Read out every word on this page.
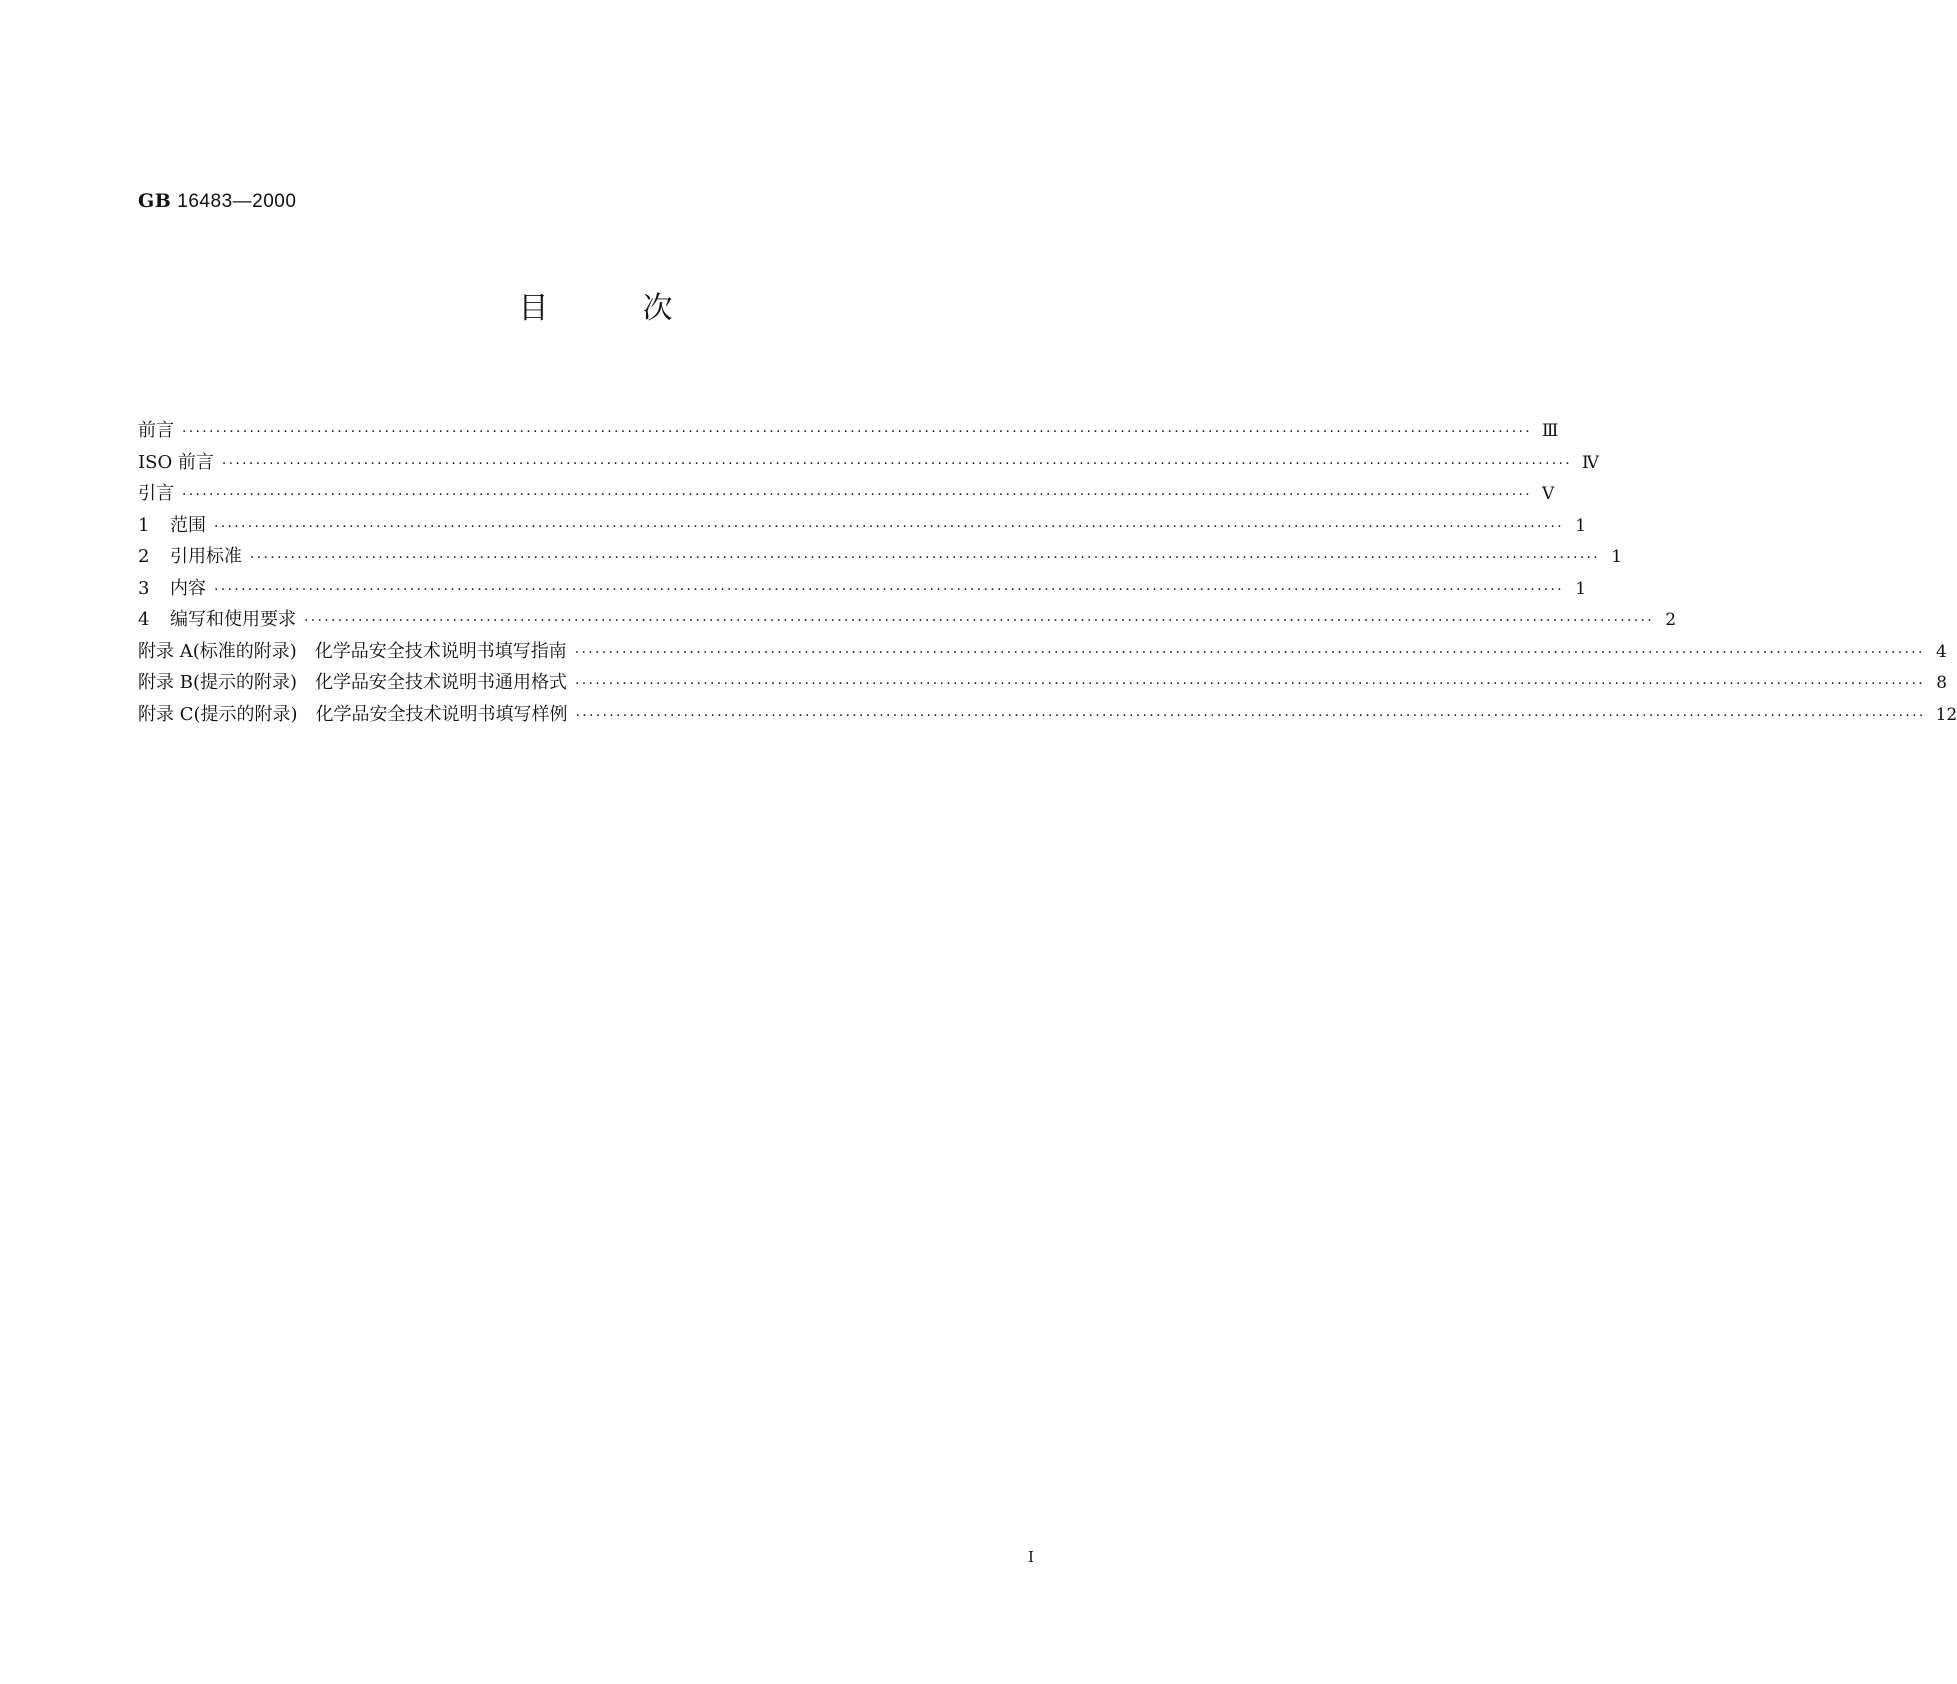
GB 16483—2000
目次
前言 ········································································································································································································ Ⅲ
ISO 前言 ········································································································································································································ Ⅳ
引言 ········································································································································································································ Ⅴ
1 范围 ········································································································································································································ 1
2 引用标准 ········································································································································································································ 1
3 内容 ········································································································································································································ 1
4 编写和使用要求 ········································································································································································································ 2
附录 A(标准的附录)　化学品安全技术说明书填写指南 ········································································································································································································ 4
附录 B(提示的附录)　化学品安全技术说明书通用格式 ········································································································································································································ 8
附录 C(提示的附录)　化学品安全技术说明书填写样例 ········································································································································································································ 12
I
